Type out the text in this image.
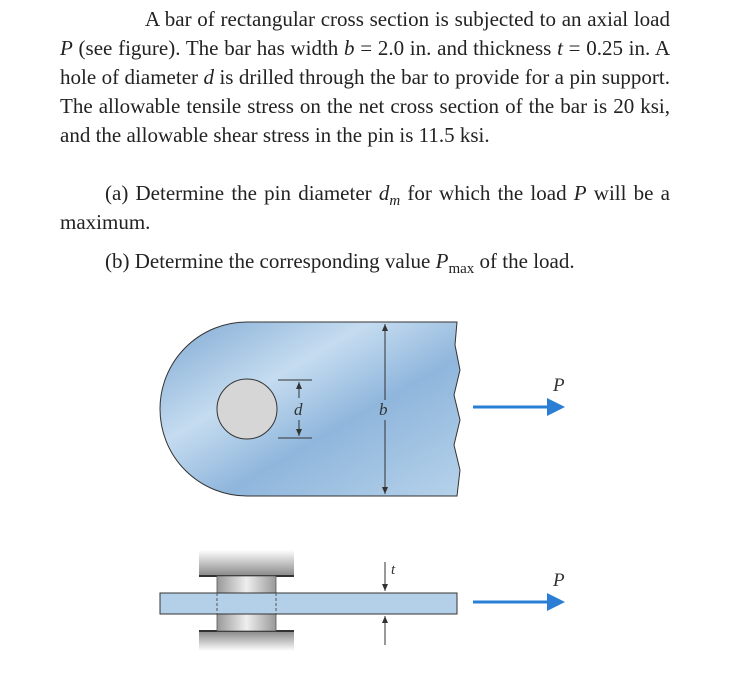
A bar of rectangular cross section is subjected to an axial load P (see figure). The bar has width b = 2.0 in. and thickness t = 0.25 in. A hole of diameter d is drilled through the bar to provide for a pin support. The allowable tensile stress on the net cross section of the bar is 20 ksi, and the allowable shear stress in the pin is 11.5 ksi.
(a) Determine the pin diameter $d_m$ for which the load P will be a maximum.
(b) Determine the corresponding value $P_{max}$ of the load.
d	b
P
t	P
